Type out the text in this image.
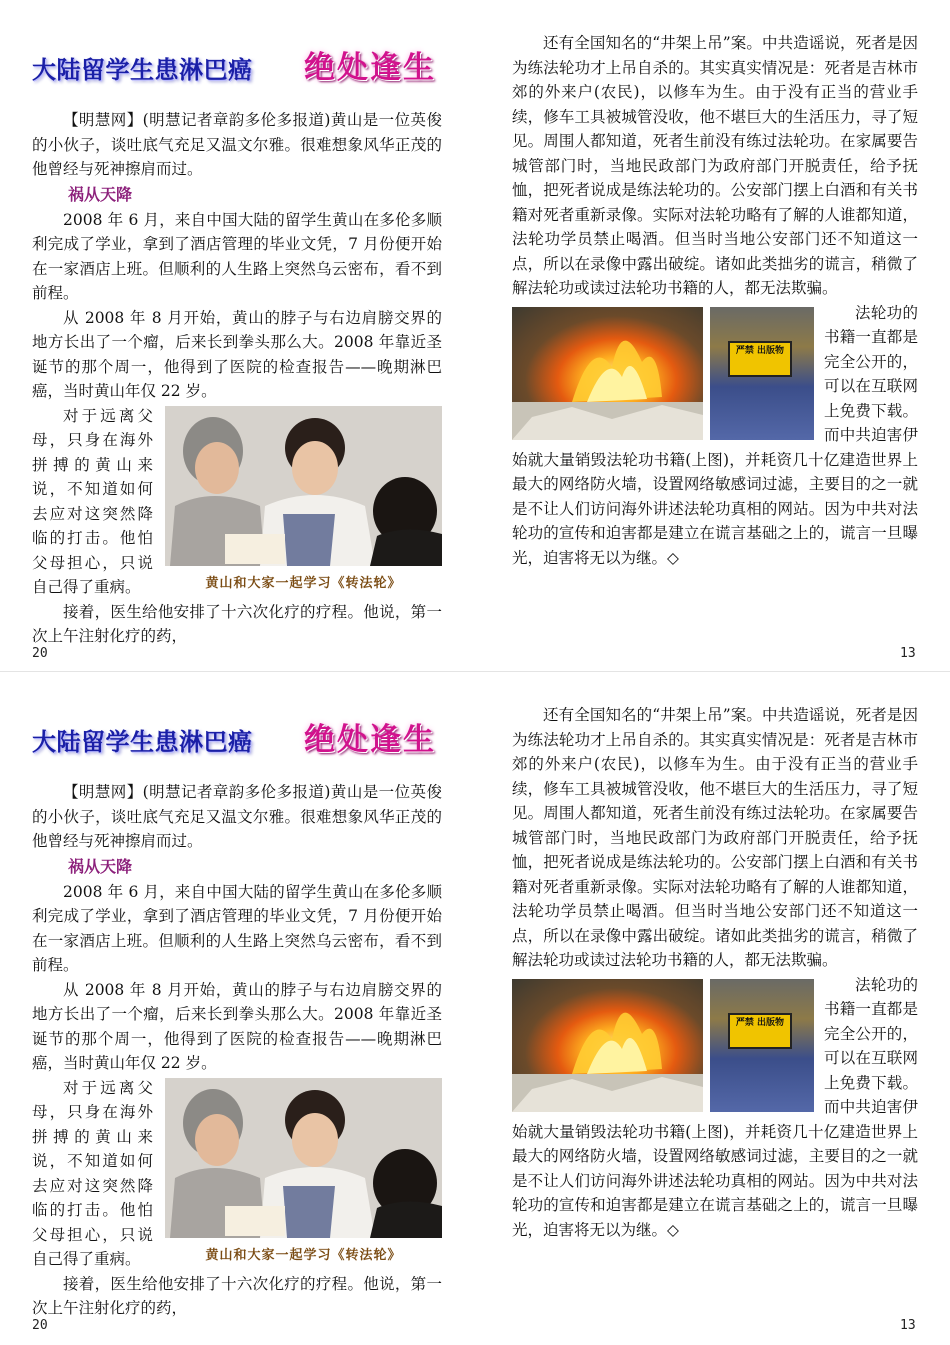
大陆留学生患淋巴癌 绝处逢生

【明慧网】(明慧记者章韵多伦多报道)黄山是一位英俊的小伙子，谈吐底气充足又温文尔雅。很难想象风华正茂的他曾经与死神擦肩而过。

祸从天降

2008 年 6 月，来自中国大陆的留学生黄山在多伦多顺利完成了学业，拿到了酒店管理的毕业文凭，7 月份便开始在一家酒店上班。但顺利的人生路上突然乌云密布，看不到前程。

从 2008 年 8 月开始，黄山的脖子与右边肩膀交界的地方长出了一个瘤，后来长到拳头那么大。2008 年靠近圣诞节的那个周一，他得到了医院的检查报告——晚期淋巴癌，当时黄山年仅 22 岁。

黄山和大家一起学习《转法轮》

对于远离父母，只身在海外拼搏的黄山来说，不知道如何去应对这突然降临的打击。他怕父母担心，只说自己得了重病。

接着，医生给他安排了十六次化疗的疗程。他说，第一次上午注射化疗的药，

还有全国知名的“井架上吊”案。中共造谣说，死者是因为练法轮功才上吊自杀的。其实真实情况是：死者是吉林市郊的外来户(农民)，以修车为生。由于没有正当的营业手续，修车工具被城管没收，他不堪巨大的生活压力，寻了短见。周围人都知道，死者生前没有练过法轮功。在家属要告城管部门时，当地民政部门为政府部门开脱责任，给予抚恤，把死者说成是练法轮功的。公安部门摆上白酒和有关书籍对死者重新录像。实际对法轮功略有了解的人谁都知道，法轮功学员禁止喝酒。但当时当地公安部门还不知道这一点，所以在录像中露出破绽。诸如此类拙劣的谎言，稍微了解法轮功或读过法轮功书籍的人，都无法欺骗。

严禁 出版物

法轮功的书籍一直都是完全公开的，可以在互联网上免费下载。而中共迫害伊始就大量销毁法轮功书籍(上图)，并耗资几十亿建造世界上最大的网络防火墙，设置网络敏感词过滤，主要目的之一就是不让人们访问海外讲述法轮功真相的网站。因为中共对法轮功的宣传和迫害都是建立在谎言基础之上的，谎言一旦曝光，迫害将无以为继。◇

20	13
大陆留学生患淋巴癌 绝处逢生

【明慧网】(明慧记者章韵多伦多报道)黄山是一位英俊的小伙子，谈吐底气充足又温文尔雅。很难想象风华正茂的他曾经与死神擦肩而过。

祸从天降

2008 年 6 月，来自中国大陆的留学生黄山在多伦多顺利完成了学业，拿到了酒店管理的毕业文凭，7 月份便开始在一家酒店上班。但顺利的人生路上突然乌云密布，看不到前程。

从 2008 年 8 月开始，黄山的脖子与右边肩膀交界的地方长出了一个瘤，后来长到拳头那么大。2008 年靠近圣诞节的那个周一，他得到了医院的检查报告——晚期淋巴癌，当时黄山年仅 22 岁。

黄山和大家一起学习《转法轮》

对于远离父母，只身在海外拼搏的黄山来说，不知道如何去应对这突然降临的打击。他怕父母担心，只说自己得了重病。

接着，医生给他安排了十六次化疗的疗程。他说，第一次上午注射化疗的药，

还有全国知名的“井架上吊”案。中共造谣说，死者是因为练法轮功才上吊自杀的。其实真实情况是：死者是吉林市郊的外来户(农民)，以修车为生。由于没有正当的营业手续，修车工具被城管没收，他不堪巨大的生活压力，寻了短见。周围人都知道，死者生前没有练过法轮功。在家属要告城管部门时，当地民政部门为政府部门开脱责任，给予抚恤，把死者说成是练法轮功的。公安部门摆上白酒和有关书籍对死者重新录像。实际对法轮功略有了解的人谁都知道，法轮功学员禁止喝酒。但当时当地公安部门还不知道这一点，所以在录像中露出破绽。诸如此类拙劣的谎言，稍微了解法轮功或读过法轮功书籍的人，都无法欺骗。

严禁 出版物

法轮功的书籍一直都是完全公开的，可以在互联网上免费下载。而中共迫害伊始就大量销毁法轮功书籍(上图)，并耗资几十亿建造世界上最大的网络防火墙，设置网络敏感词过滤，主要目的之一就是不让人们访问海外讲述法轮功真相的网站。因为中共对法轮功的宣传和迫害都是建立在谎言基础之上的，谎言一旦曝光，迫害将无以为继。◇

20	13
